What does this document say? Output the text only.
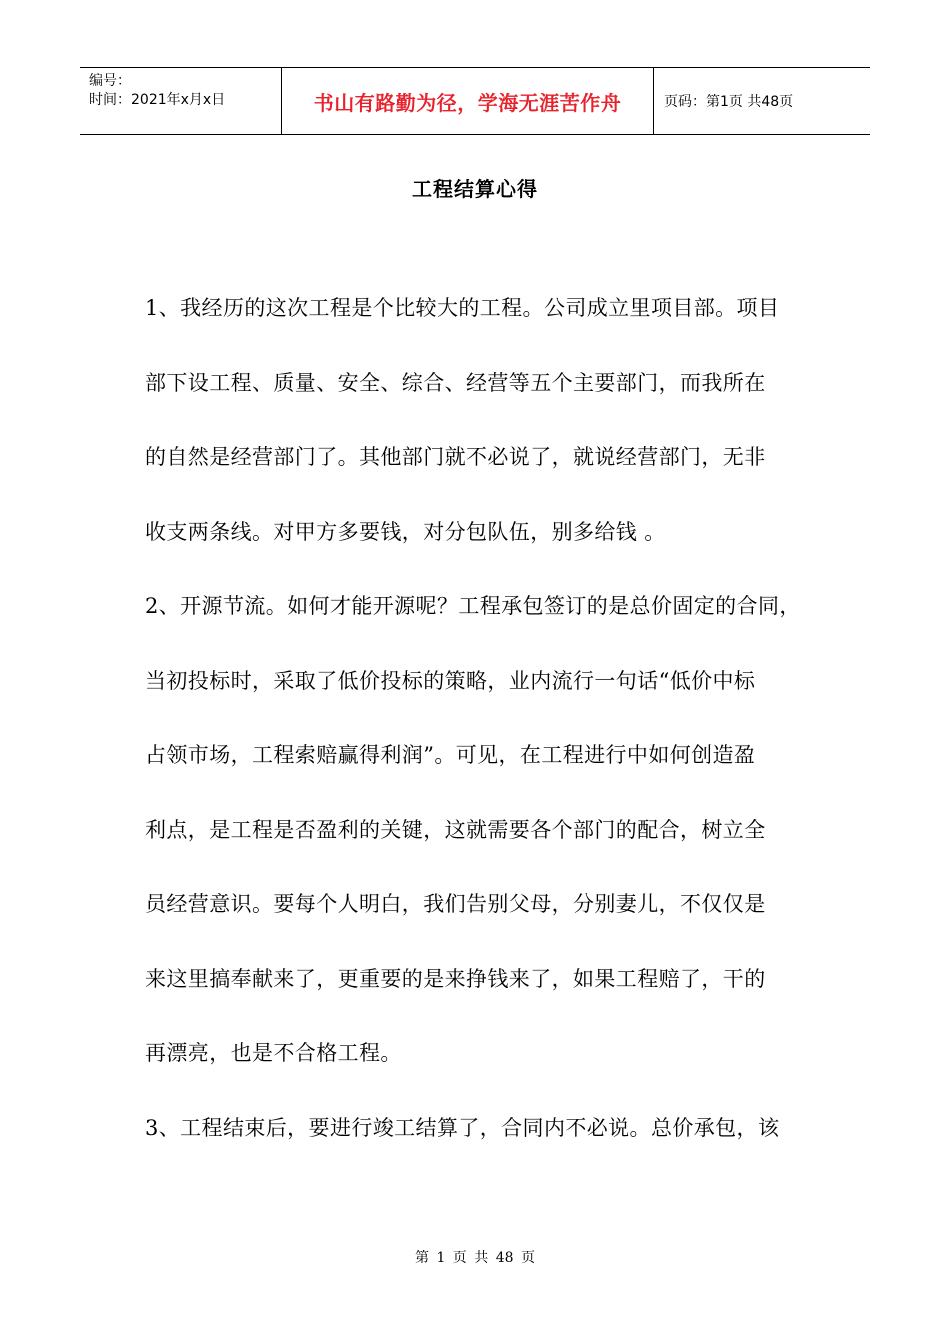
编号：
时间：2021年x月x日	书山有路勤为径，学海无涯苦作舟	页码：第1页 共48页
工程结算心得
1、我经历的这次工程是个比较大的工程。公司成立里项目部。项目
部下设工程、质量、安全、综合、经营等五个主要部门，而我所在
的自然是经营部门了。其他部门就不必说了，就说经营部门，无非
收支两条线。对甲方多要钱，对分包队伍，别多给钱 。
2、开源节流。如何才能开源呢？工程承包签订的是总价固定的合同，
当初投标时，采取了低价投标的策略，业内流行一句话“低价中标
占领市场，工程索赔赢得利润”。可见，在工程进行中如何创造盈
利点，是工程是否盈利的关键，这就需要各个部门的配合，树立全
员经营意识。要每个人明白，我们告别父母，分别妻儿，不仅仅是
来这里搞奉献来了，更重要的是来挣钱来了，如果工程赔了，干的
再漂亮，也是不合格工程。
3、工程结束后，要进行竣工结算了，合同内不必说。总价承包，该
第 1 页 共 48 页
